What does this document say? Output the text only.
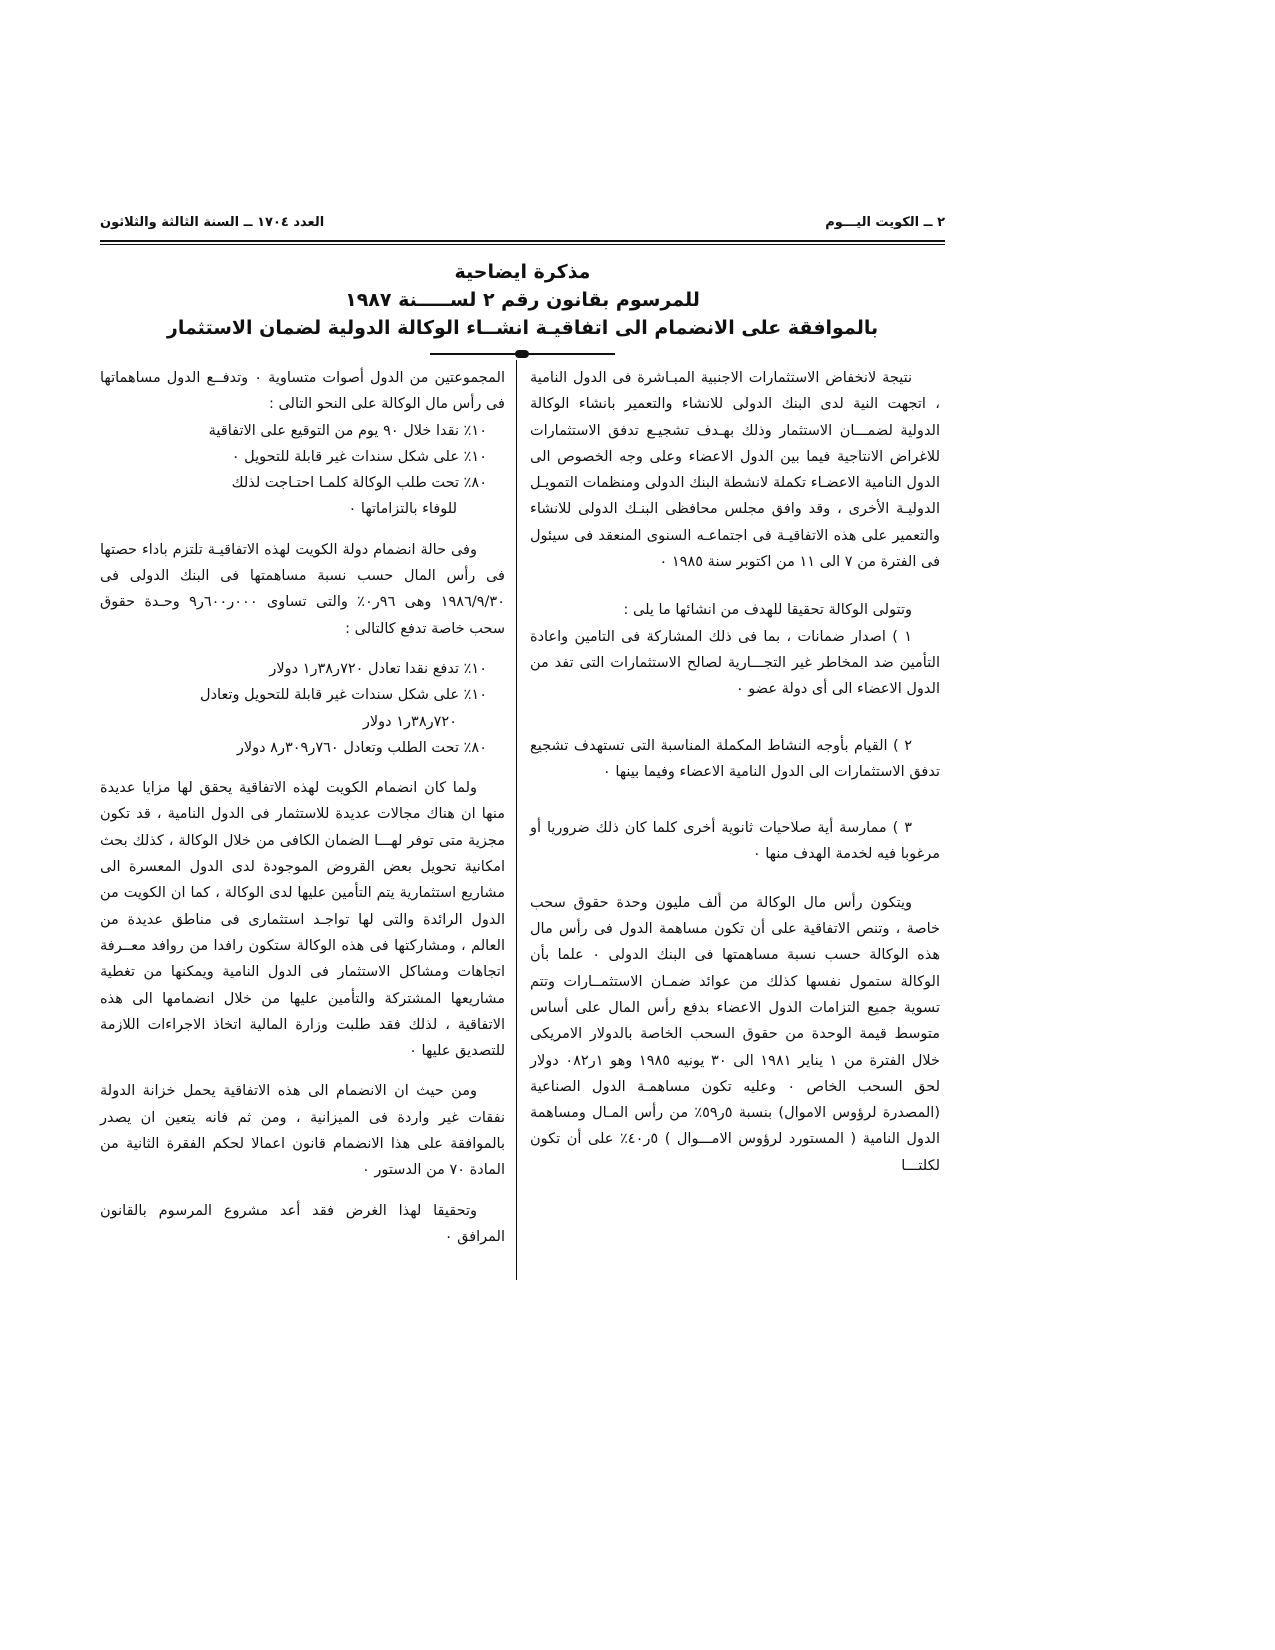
٢ ــ الكويت اليـــوم
العدد ١٧٠٤ ــ السنة الثالثة والثلاثون
مذكرة ايضاحية
للمرسوم بقانون رقم ٢ لســـــنة ١٩٨٧
بالموافقة على الانضمام الى اتفاقيـة انشــاء الوكالة الدولية لضمان الاستثمار

نتيجة لانخفاض الاستثمارات الاجنبية المبـاشرة فى الدول النامية ، اتجهت النية لدى البنك الدولى للانشاء والتعمير بانشاء الوكالة الدولية لضمـــان الاستثمار وذلك بهـدف تشجيـع تدفق الاستثمارات للاغراض الانتاجية فيما بين الدول الاعضاء وعلى وجه الخصوص الى الدول النامية الاعضـاء تكملة لانشطة البنك الدولى ومنظمات التمويـل الدوليـة الأخرى ، وقد وافق مجلس محافظى البنـك الدولى للانشاء والتعمير على هذه الاتفاقيـة فى اجتماعـه السنوى المنعقد فى سيئول فى الفترة من ٧ الى ١١ من اكتوبر سنة ١٩٨٥ ٠

وتتولى الوكالة تحقيقا للهدف من انشائها ما يلى :

١ ) اصدار ضمانات ، بما فى ذلك المشاركة فى التامين واعادة التأمين ضد المخاطر غير التجـــارية لصالح الاستثمارات التى تفد من الدول الاعضاء الى أى دولة عضو ٠

٢ ) القيام بأوجه النشاط المكملة المناسبة التى تستهدف تشجيع تدفق الاستثمارات الى الدول النامية الاعضاء وفيما بينها ٠

٣ ) ممارسة أية صلاحيات ثانوية أخرى كلما كان ذلك ضروريا أو مرغوبا فيه لخدمة الهدف منها ٠

ويتكون رأس مال الوكالة من ألف مليون وحدة حقوق سحب خاصة ، وتنص الاتفاقية على أن تكون مساهمة الدول فى رأس مال هذه الوكالة حسب نسبة مساهمتها فى البنك الدولى ٠ علما بأن الوكالة ستمول نفسها كذلك من عوائد ضمـان الاستثمــارات وتتم تسوية جميع التزامات الدول الاعضاء بدفع رأس المال على أساس متوسط قيمة الوحدة من حقوق السحب الخاصة بالدولار الامريكى خلال الفترة من ١ يناير ١٩٨١ الى ٣٠ يونيه ١٩٨٥ وهو ١ر٠٨٢ دولار لحق السحب الخاص ٠ وعليه تكون مساهمـة الدول الصناعية (المصدرة لرؤوس الاموال) بنسبة ٥ر٥٩٪ من رأس المـال ومساهمة الدول النامية ( المستورد لرؤوس الامـــوال ) ٥ر٤٠٪ على أن تكون لكلتـــا

المجموعتين من الدول أصوات متساوية ٠ وتدفــع الدول مساهماتها فى رأس مال الوكالة على النحو التالى :

١٠٪ نقدا خلال ٩٠ يوم من التوقيع على الاتفاقية

١٠٪ على شكل سندات غير قابلة للتحويل ٠

٨٠٪ تحت طلب الوكالة كلمـا احتـاجت لذلك

للوفاء بالتزاماتها ٠

وفى حالة انضمام دولة الكويت لهذه الاتفاقيـة تلتزم باداء حصتها فى رأس المال حسب نسبة مساهمتها فى البنك الدولى فى ١٩٨٦/٩/٣٠ وهى ٩٦ر٠٪ والتى تساوى ٠٠٠ر٦٠٠ر٩ وحـدة حقوق سحب خاصة تدفع كالتالى :

١٠٪ تدفع نقدا تعادل ٧٢٠ر٣٨ر١ دولار

١٠٪ على شكل سندات غير قابلة للتحويل وتعادل

٧٢٠ر٣٨ر١ دولار

٨٠٪ تحت الطلب وتعادل ٧٦٠ر٣٠٩ر٨ دولار

ولما كان انضمام الكويت لهذه الاتفاقية يحقق لها مزايا عديدة منها ان هناك مجالات عديدة للاستثمار فى الدول النامية ، قد تكون مجزية متى توفر لهـــا الضمان الكافى من خلال الوكالة ، كذلك بحث امكانية تحويل بعض القروض الموجودة لدى الدول المعسرة الى مشاريع استثمارية يتم التأمين عليها لدى الوكالة ، كما ان الكويت من الدول الرائدة والتى لها تواجـد استثمارى فى مناطق عديدة من العالم ، ومشاركتها فى هذه الوكالة ستكون رافدا من روافد معــرفة اتجاهات ومشاكل الاستثمار فى الدول النامية ويمكنها من تغطية مشاريعها المشتركة والتأمين عليها من خلال انضمامها الى هذه الاتفاقية ، لذلك فقد طلبت وزارة المالية اتخاذ الاجراءات اللازمة للتصديق عليها ٠

ومن حيث ان الانضمام الى هذه الاتفاقية يحمل خزانة الدولة نفقات غير واردة فى الميزانية ، ومن ثم فانه يتعين ان يصدر بالموافقة على هذا الانضمام قانون اعمالا لحكم الفقرة الثانية من المادة ٧٠ من الدستور ٠

وتحقيقا لهذا الغرض فقد أعد مشروع المرسوم بالقانون المرافق ٠
